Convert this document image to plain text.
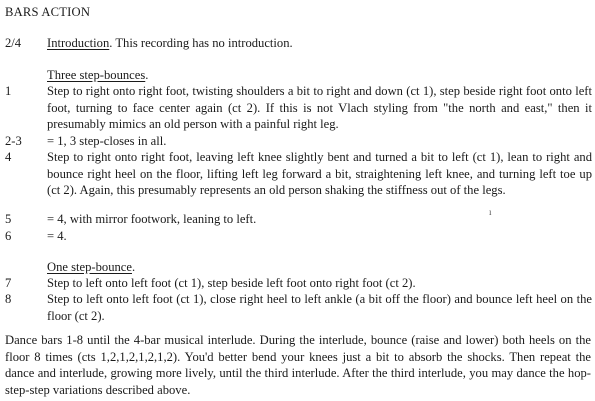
BARS ACTION
2/4 Introduction. This recording has no introduction.
Three step-bounces.
1	Step to right onto right foot, twisting shoulders a bit to right and down (ct 1), step beside right foot onto left foot, turning to face center again (ct 2). If this is not Vlach styling from "the north and east," then it presumably mimics an old person with a painful right leg.
2-3 = 1, 3 step-closes in all.
4	Step to right onto right foot, leaving left knee slightly bent and turned a bit to left (ct 1), lean to right and bounce right heel on the floor, lifting left leg forward a bit, straightening left knee, and turning left toe up (ct 2). Again, this presumably represents an old person shaking the stiffness out of the legs.
5	= 4, with mirror footwork, leaning to left.
6	= 4.
One step-bounce.
7	Step to left onto left foot (ct 1), step beside left foot onto right foot (ct 2).
8	Step to left onto left foot (ct 1), close right heel to left ankle (a bit off the floor) and bounce left heel on the floor (ct 2).
Dance bars 1-8 until the 4-bar musical interlude. During the interlude, bounce (raise and lower) both heels on the floor 8 times (cts 1,2,1,2,1,2,1,2). You'd better bend your knees just a bit to absorb the shocks. Then repeat the dance and interlude, growing more lively, until the third interlude. After the third interlude, you may dance the hop-step-step variations described above.
ı
